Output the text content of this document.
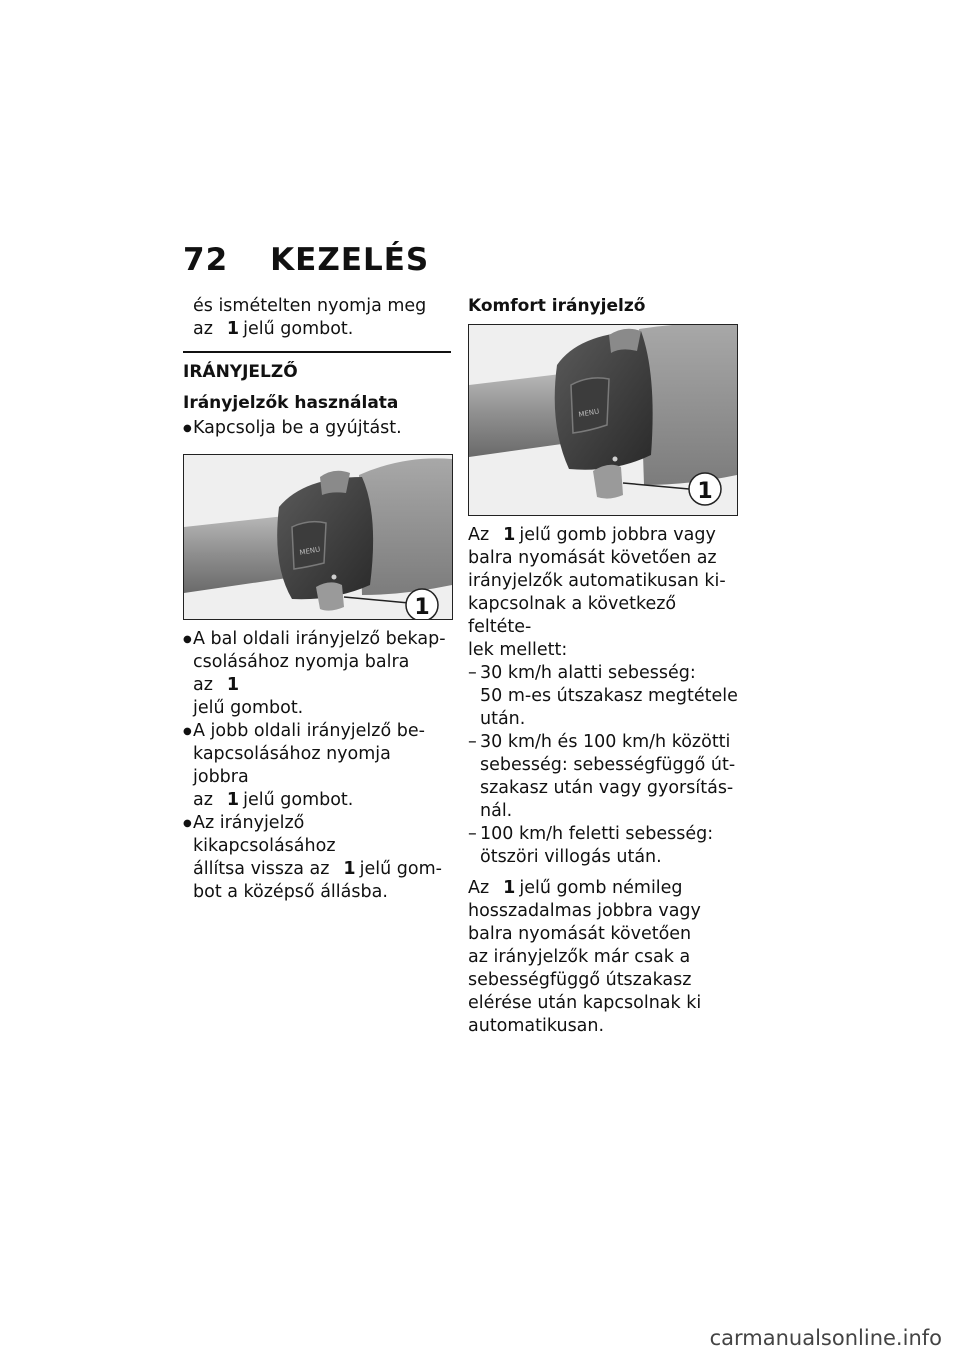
72 KEZELÉS

és ismételten nyomja meg

az 1 jelű gombot.

IRÁNYJELZŐ
Irányjelzők használata

● Kapcsolja be a gyújtást.

MENU
1

● A bal oldali irányjelző bekap-

csolásához nyomja balra az 1

jelű gombot.

● A jobb oldali irányjelző be-

kapcsolásához nyomja jobbra

az 1 jelű gombot.

● Az irányjelző kikapcsolásához

állítsa vissza az 1 jelű gom-

bot a középső állásba.

Komfort irányjelző
MENU
1

Az 1 jelű gomb jobbra vagy

balra nyomását követően az

irányjelzők automatikusan ki-

kapcsolnak a következő feltéte-

lek mellett:

– 30 km/h alatti sebesség:
50 m-es útszakasz megtétele
után.
– 30 km/h és 100 km/h közötti
sebesség: sebességfüggő út-
szakasz után vagy gyorsítás-
nál.
– 100 km/h feletti sebesség:
ötszöri villogás után.

Az 1 jelű gomb némileg

hosszadalmas jobbra vagy

balra nyomását követően

az irányjelzők már csak a

sebességfüggő útszakasz

elérése után kapcsolnak ki

automatikusan.

carmanualsonline.info
